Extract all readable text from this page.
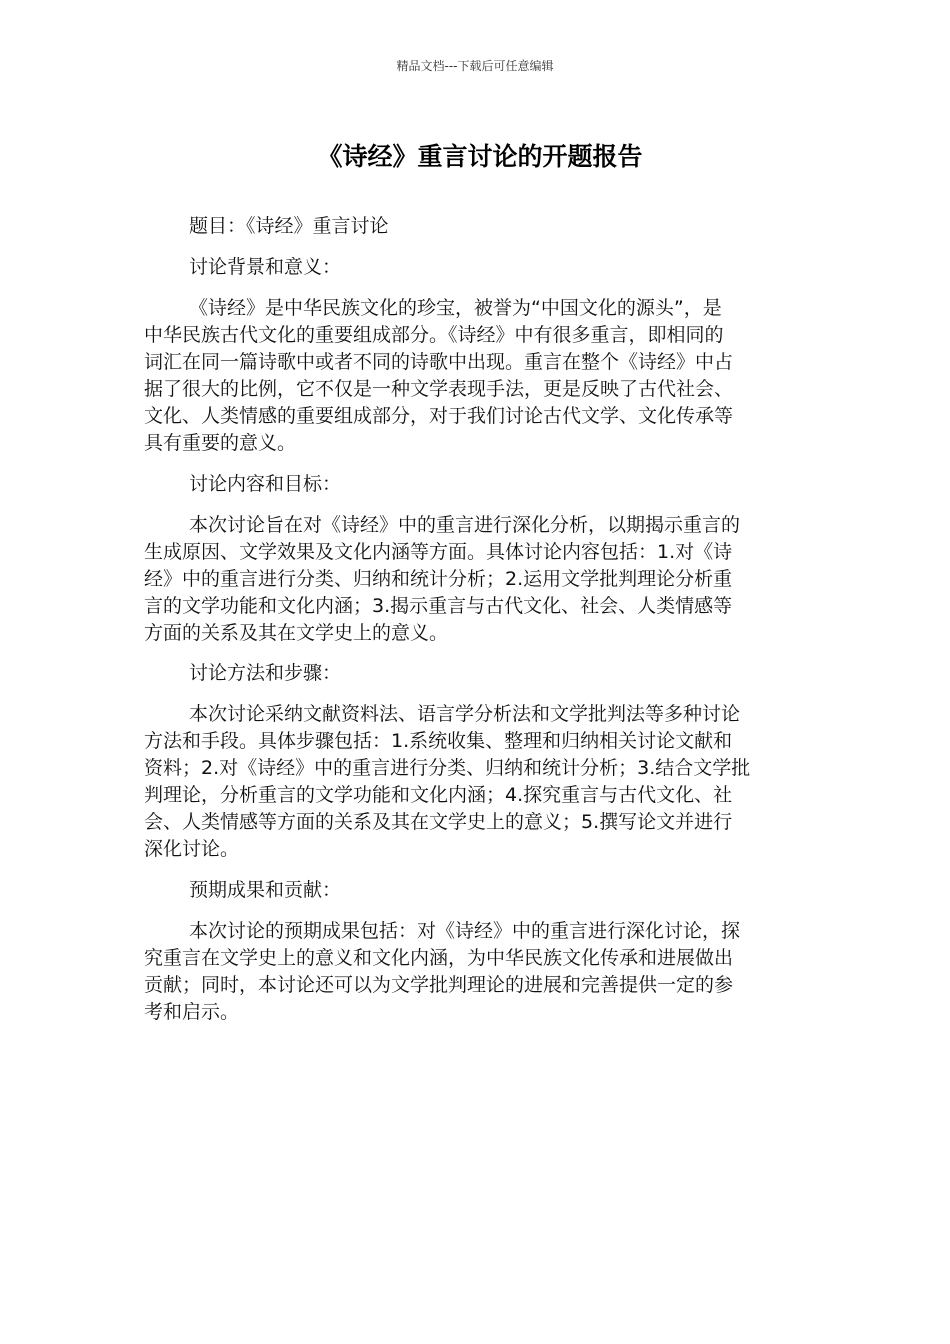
精品文档---下载后可任意编辑
《诗经》重言讨论的开题报告

题目：《诗经》重言讨论

讨论背景和意义：

《诗经》是中华民族文化的珍宝，被誉为“中国文化的源头”，是
中华民族古代文化的重要组成部分。《诗经》中有很多重言，即相同的
词汇在同一篇诗歌中或者不同的诗歌中出现。重言在整个《诗经》中占
据了很大的比例，它不仅是一种文学表现手法，更是反映了古代社会、
文化、人类情感的重要组成部分，对于我们讨论古代文学、文化传承等
具有重要的意义。

讨论内容和目标：

本次讨论旨在对《诗经》中的重言进行深化分析，以期揭示重言的
生成原因、文学效果及文化内涵等方面。具体讨论内容包括：1.对《诗
经》中的重言进行分类、归纳和统计分析；2.运用文学批判理论分析重
言的文学功能和文化内涵；3.揭示重言与古代文化、社会、人类情感等
方面的关系及其在文学史上的意义。

讨论方法和步骤：

本次讨论采纳文献资料法、语言学分析法和文学批判法等多种讨论
方法和手段。具体步骤包括：1.系统收集、整理和归纳相关讨论文献和
资料；2.对《诗经》中的重言进行分类、归纳和统计分析；3.结合文学批
判理论，分析重言的文学功能和文化内涵；4.探究重言与古代文化、社
会、人类情感等方面的关系及其在文学史上的意义；5.撰写论文并进行
深化讨论。

预期成果和贡献：

本次讨论的预期成果包括：对《诗经》中的重言进行深化讨论，探
究重言在文学史上的意义和文化内涵，为中华民族文化传承和进展做出
贡献；同时，本讨论还可以为文学批判理论的进展和完善提供一定的参
考和启示。
